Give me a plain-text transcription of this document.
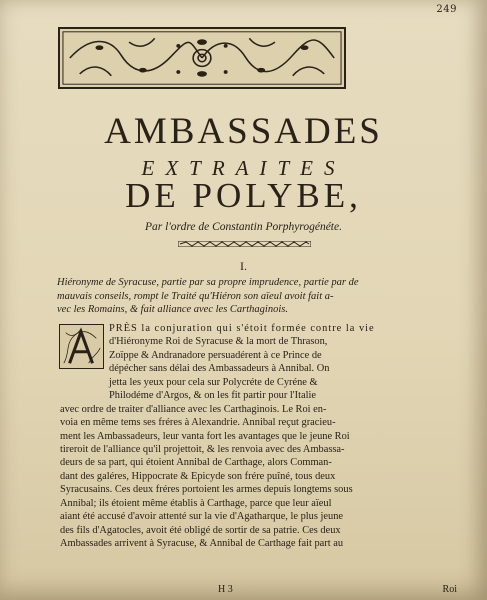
249
AMBASSADES
EXTRAITES
DE POLYBE,
Par l'ordre de Constantin Porphyrogénéte.
I.
Hiéronyme de Syracuse, partie par sa propre imprudence, partie par de
mauvais conseils, rompt le Traité qu'Hiéron son aïeul avoit fait a-
vec les Romains, & fait alliance avec les Carthaginois.
PRÈS la conjuration qui s'étoit formée contre la vie
d'Hiéronyme Roi de Syracuse & la mort de Thrason,
Zoïppe & Andranadore persuadérent à ce Prince de
dépécher sans délai des Ambassadeurs à Annibal. On
jetta les yeux pour cela sur Polycréte de Cyréne &
Philodéme d'Argos, & on les fit partir pour l'Italie
avec ordre de traiter d'alliance avec les Carthaginois. Le Roi en-
voia en même tems ses fréres à Alexandrie. Annibal reçut gracieu-
ment les Ambassadeurs, leur vanta fort les avantages que le jeune Roi
tireroit de l'alliance qu'il projettoit, & les renvoia avec des Ambassa-
deurs de sa part, qui étoient Annibal de Carthage, alors Comman-
dant des galéres, Hippocrate & Epicyde son frére puîné, tous deux
Syracusains. Ces deux fréres portoient les armes depuis longtems sous
Annibal; ils étoient même établis à Carthage, parce que leur aïeul
aiant été accusé d'avoir attenté sur la vie d'Agatharque, le plus jeune
des fils d'Agatocles, avoit été obligé de sortir de sa patrie. Ces deux
Ambassades arrivent à Syracuse, & Annibal de Carthage fait part au
H 3	Roi
